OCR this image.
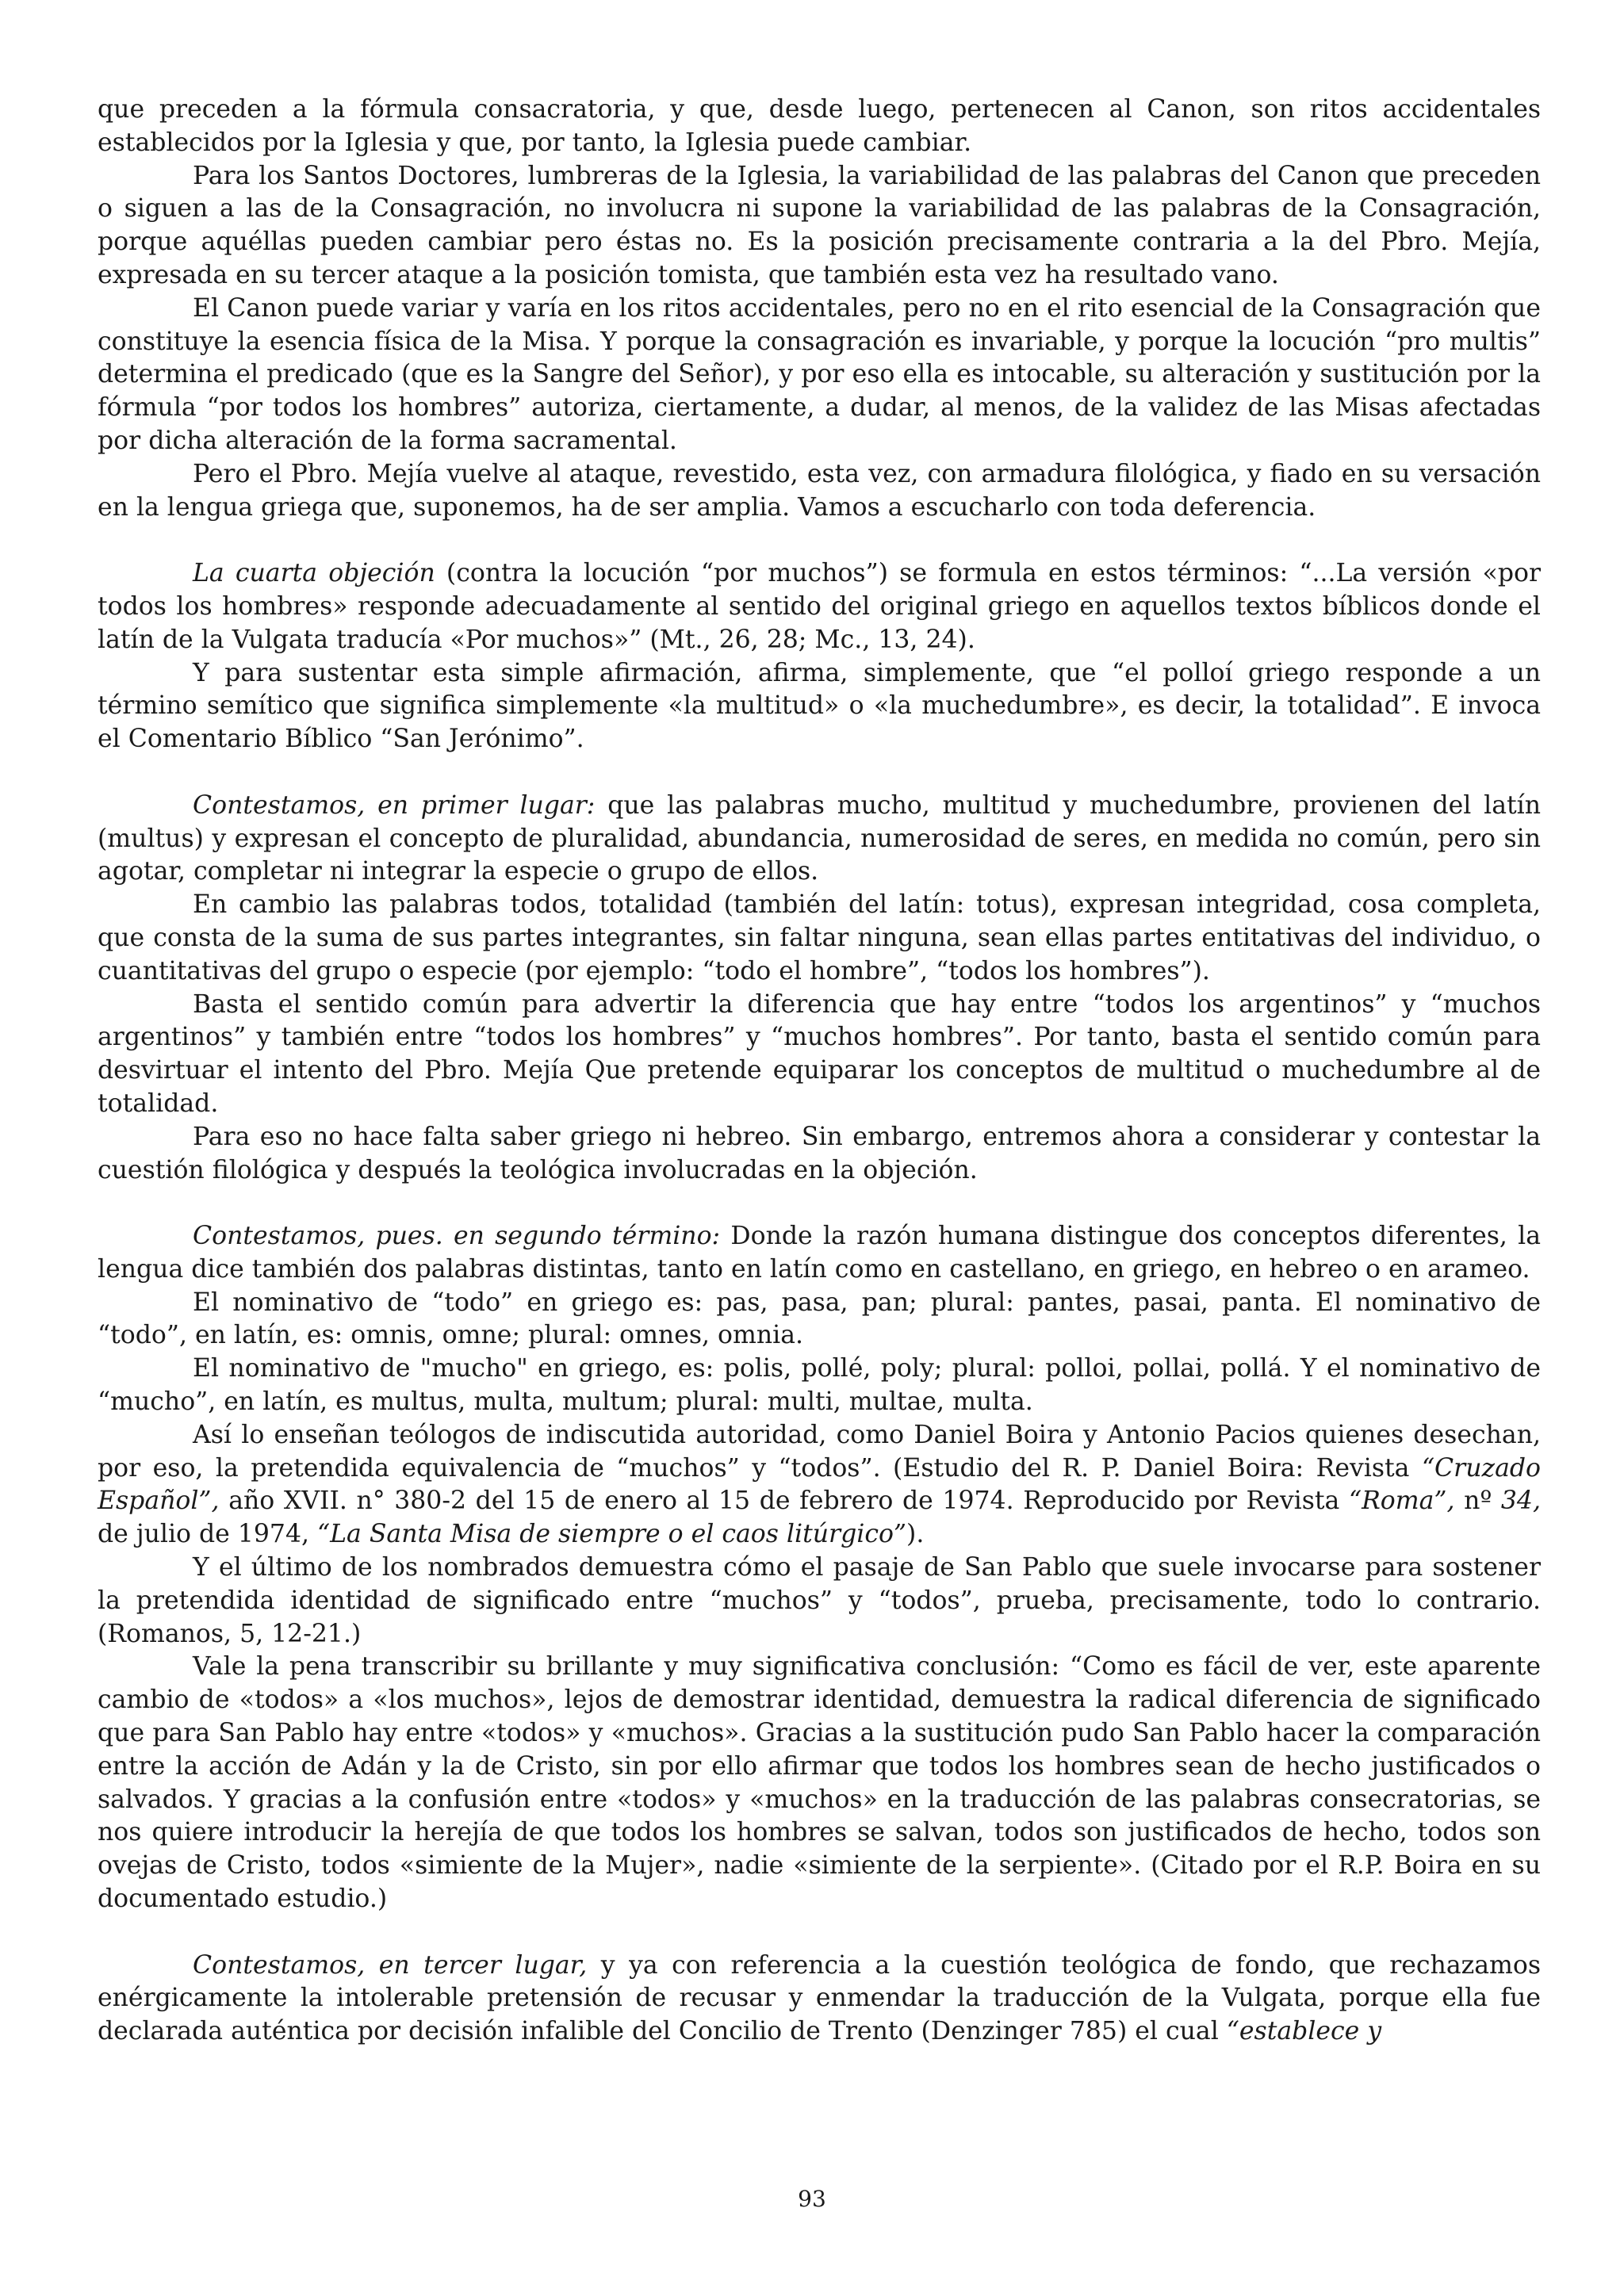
que preceden a la fórmula consacratoria, y que, desde luego, pertenecen al Canon, son ritos accidentales establecidos por la Iglesia y que, por tanto, la Iglesia puede cambiar.

Para los Santos Doctores, lumbreras de la Iglesia, la variabilidad de las palabras del Canon que preceden o siguen a las de la Consagración, no involucra ni supone la variabilidad de las palabras de la Consagración, porque aquéllas pueden cambiar pero éstas no. Es la posición precisamente contraria a la del Pbro. Mejía, expresada en su tercer ataque a la posición tomista, que también esta vez ha resultado vano.

El Canon puede variar y varía en los ritos accidentales, pero no en el rito esencial de la Consagración que constituye la esencia física de la Misa. Y porque la consagración es invariable, y porque la locución “pro multis” determina el predicado (que es la Sangre del Señor), y por eso ella es intocable, su alteración y sustitución por la fórmula “por todos los hombres” autoriza, ciertamente, a dudar, al menos, de la validez de las Misas afectadas por dicha alteración de la forma sacramental.

Pero el Pbro. Mejía vuelve al ataque, revestido, esta vez, con armadura filológica, y fiado en su versación en la lengua griega que, suponemos, ha de ser amplia. Vamos a escucharlo con toda deferencia.

La cuarta objeción (contra la locución “por muchos”) se formula en estos términos: “...La versión «por todos los hombres» responde adecuadamente al sentido del original griego en aquellos textos bíblicos donde el latín de la Vulgata traducía «Por muchos»” (Mt., 26, 28; Mc., 13, 24).

Y para sustentar esta simple afirmación, afirma, simplemente, que “el polloí griego responde a un término semítico que significa simplemente «la multitud» o «la muchedumbre», es decir, la totalidad”. E invoca el Comentario Bíblico “San Jerónimo”.

Contestamos, en primer lugar: que las palabras mucho, multitud y muchedumbre, provienen del latín (multus) y expresan el concepto de pluralidad, abundancia, numerosidad de seres, en medida no común, pero sin agotar, completar ni integrar la especie o grupo de ellos.

En cambio las palabras todos, totalidad (también del latín: totus), expresan integridad, cosa completa, que consta de la suma de sus partes integrantes, sin faltar ninguna, sean ellas partes entitativas del individuo, o cuantitativas del grupo o especie (por ejemplo: “todo el hombre”, “todos los hombres”).

Basta el sentido común para advertir la diferencia que hay entre “todos los argentinos” y “muchos argentinos” y también entre “todos los hombres” y “muchos hombres”. Por tanto, basta el sentido común para desvirtuar el intento del Pbro. Mejía Que pretende equiparar los conceptos de multitud o muchedumbre al de totalidad.

Para eso no hace falta saber griego ni hebreo. Sin embargo, entremos ahora a considerar y contestar la cuestión filológica y después la teológica involucradas en la objeción.

Contestamos, pues. en segundo término: Donde la razón humana distingue dos conceptos diferentes, la lengua dice también dos palabras distintas, tanto en latín como en castellano, en griego, en hebreo o en arameo.

El nominativo de “todo” en griego es: pas, pasa, pan; plural: pantes, pasai, panta. El nominativo de “todo”, en latín, es: omnis, omne; plural: omnes, omnia.

El nominativo de "mucho" en griego, es: polis, pollé, poly; plural: polloi, pollai, pollá. Y el nominativo de “mucho”, en latín, es multus, multa, multum; plural: multi, multae, multa.

Así lo enseñan teólogos de indiscutida autoridad, como Daniel Boira y Antonio Pacios quienes desechan, por eso, la pretendida equivalencia de “muchos” y “todos”. (Estudio del R. P. Daniel Boira: Revista “Cruzado Español”, año XVII. n° 380-2 del 15 de enero al 15 de febrero de 1974. Reproducido por Revista “Roma”, nº 34, de julio de 1974, “La Santa Misa de siempre o el caos litúrgico”).

Y el último de los nombrados demuestra cómo el pasaje de San Pablo que suele invocarse para sostener la pretendida identidad de significado entre “muchos” y “todos”, prueba, precisamente, todo lo contrario. (Romanos, 5, 12-21.)

Vale la pena transcribir su brillante y muy significativa conclusión: “Como es fácil de ver, este aparente cambio de «todos» a «los muchos», lejos de demostrar identidad, demuestra la radical diferencia de significado que para San Pablo hay entre «todos» y «muchos». Gracias a la sustitución pudo San Pablo hacer la comparación entre la acción de Adán y la de Cristo, sin por ello afirmar que todos los hombres sean de hecho justificados o salvados. Y gracias a la confusión entre «todos» y «muchos» en la traducción de las palabras consecratorias, se nos quiere introducir la herejía de que todos los hombres se salvan, todos son justificados de hecho, todos son ovejas de Cristo, todos «simiente de la Mujer», nadie «simiente de la serpiente». (Citado por el R.P. Boira en su documentado estudio.)

Contestamos, en tercer lugar, y ya con referencia a la cuestión teológica de fondo, que rechazamos enérgicamente la intolerable pretensión de recusar y enmendar la traducción de la Vulgata, porque ella fue declarada auténtica por decisión infalible del Concilio de Trento (Denzinger 785) el cual “establece y

93
